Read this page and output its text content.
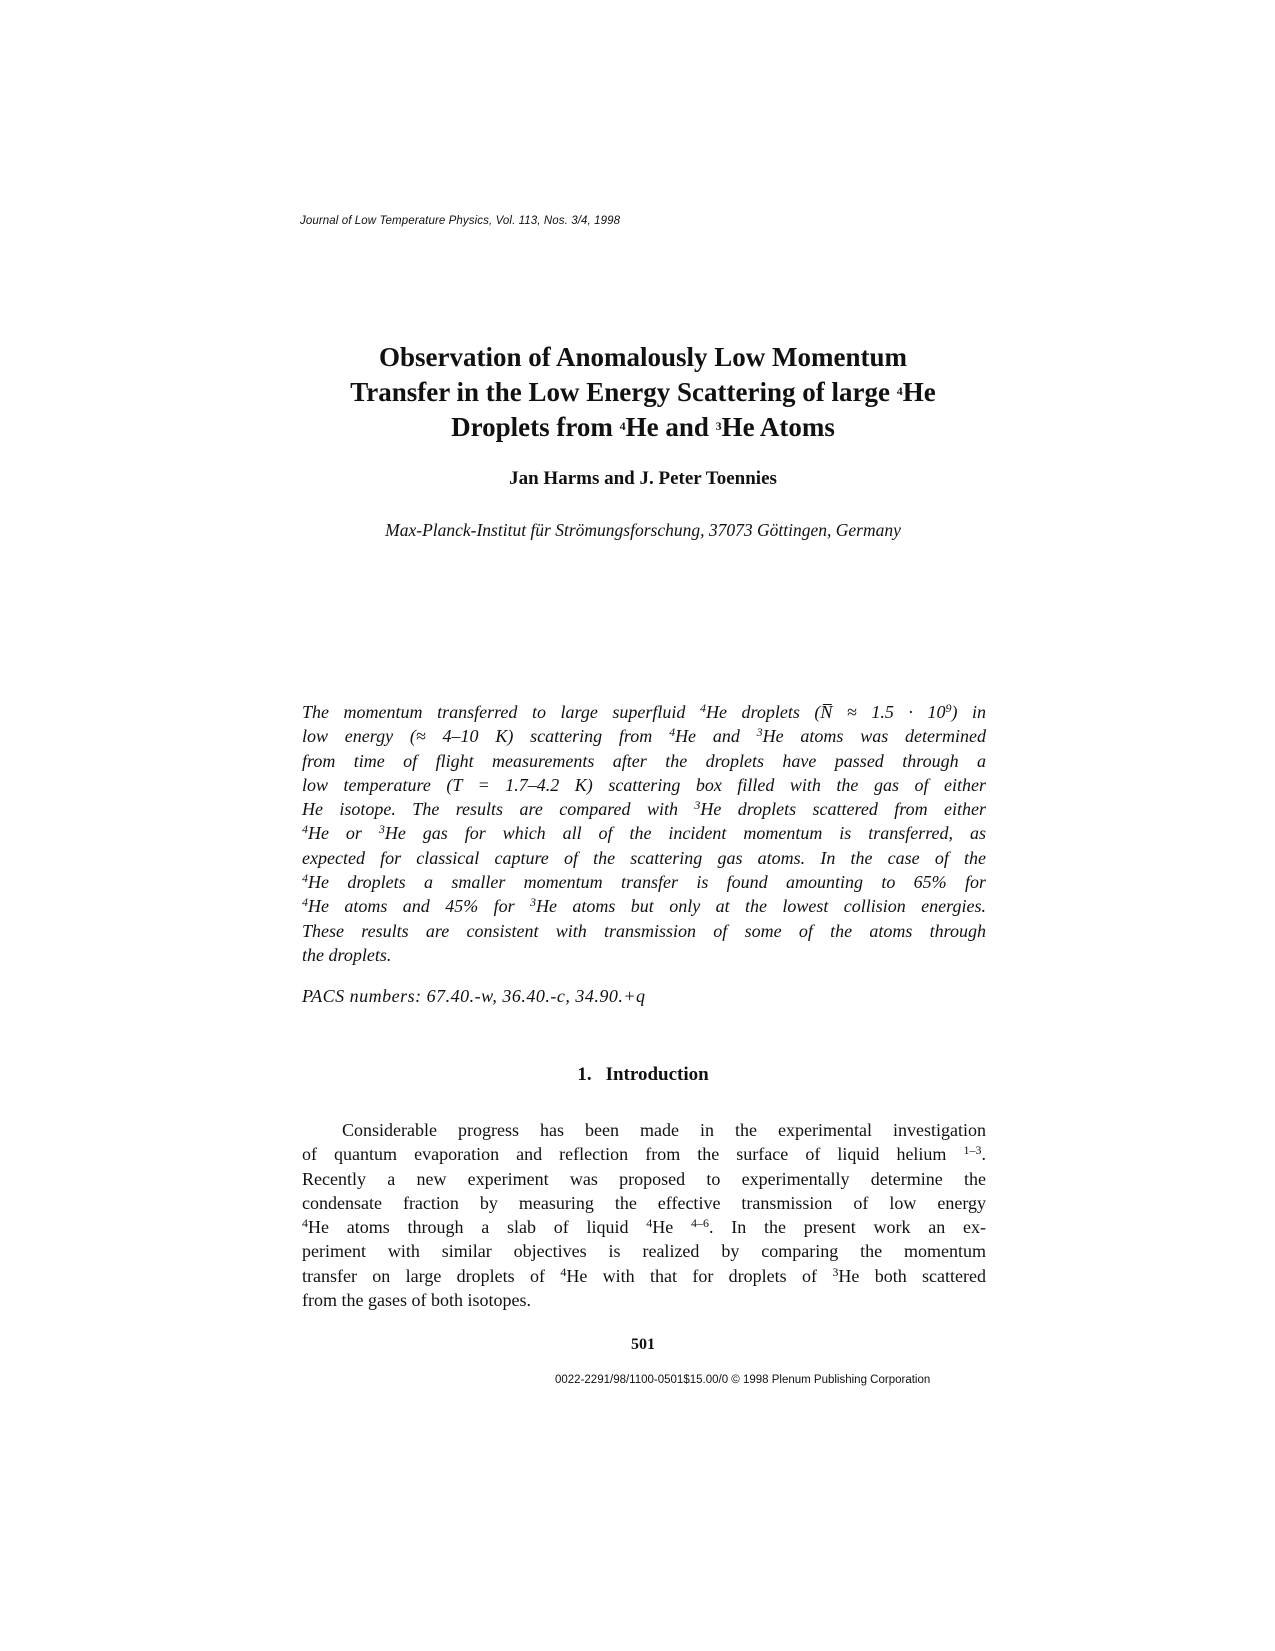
Journal of Low Temperature Physics, Vol. 113, Nos. 3/4, 1998
Observation of Anomalously Low Momentum
Transfer in the Low Energy Scattering of large $^4$He
Droplets from $^4$He and $^3$He Atoms
Jan Harms and J. Peter Toennies
Max-Planck-Institut für Strömungsforschung, 37073 Göttingen, Germany
The momentum transferred to large superfluid $^4$He droplets (N̅ ≈ $1.5 \cdot 10^9$) in
low energy (≈ 4–10 K) scattering from $^4$He and $^3$He atoms was determined
from time of flight measurements after the droplets have passed through a
low temperature (T = 1.7–4.2 K) scattering box filled with the gas of either
He isotope. The results are compared with $^3$He droplets scattered from either
$^4$He or $^3$He gas for which all of the incident momentum is transferred, as
expected for classical capture of the scattering gas atoms. In the case of the
$^4$He droplets a smaller momentum transfer is found amounting to 65% for
$^4$He atoms and 45% for $^3$He atoms but only at the lowest collision energies.
These results are consistent with transmission of some of the atoms through
the droplets.
PACS numbers: 67.40.-w, 36.40.-c, 34.90.+q
1. Introduction
Considerable progress has been made in the experimental investigation
of quantum evaporation and reflection from the surface of liquid helium $^{1-3}$.
Recently a new experiment was proposed to experimentally determine the
condensate fraction by measuring the effective transmission of low energy
$^4$He atoms through a slab of liquid $^4$He $^{4-6}$. In the present work an ex-
periment with similar objectives is realized by comparing the momentum
transfer on large droplets of $^4$He with that for droplets of $^3$He both scattered
from the gases of both isotopes.
501
0022-2291/98/1100-0501$15.00/0 © 1998 Plenum Publishing Corporation
